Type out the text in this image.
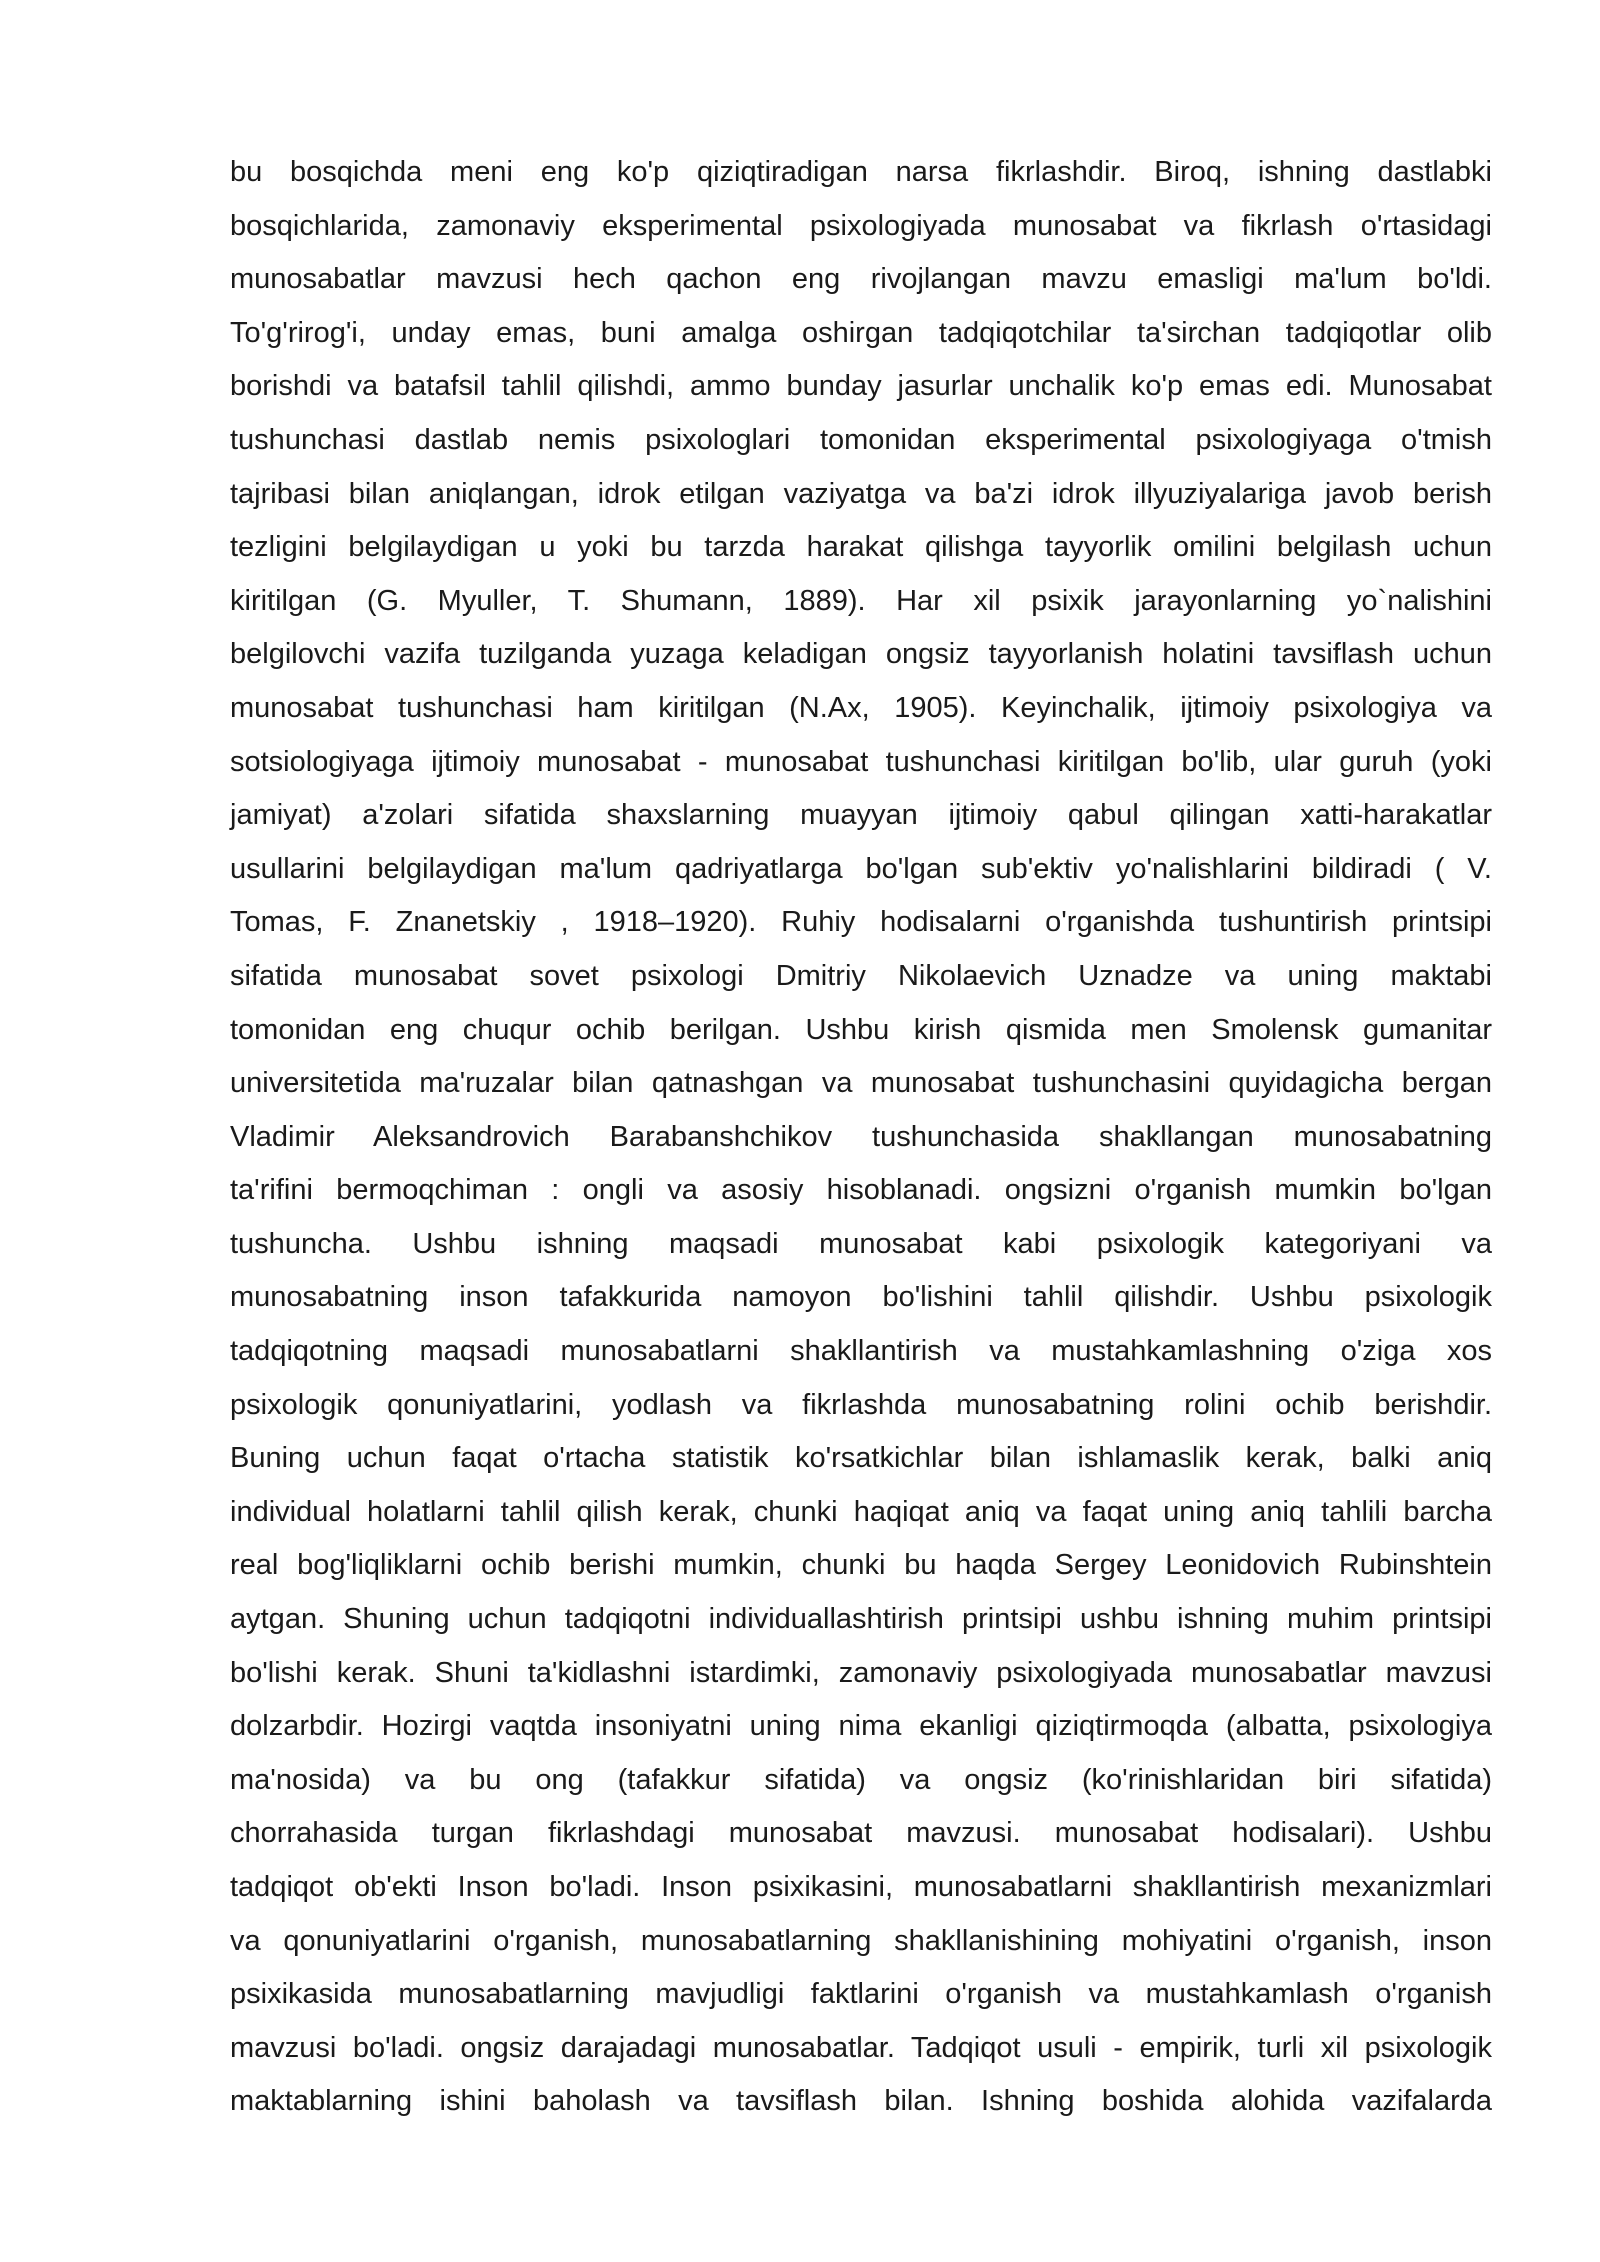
bu bosqichda meni eng ko'p qiziqtiradigan narsa fikrlashdir. Biroq, ishning dastlabki
bosqichlarida, zamonaviy eksperimental psixologiyada munosabat va fikrlash o'rtasidagi
munosabatlar mavzusi hech qachon eng rivojlangan mavzu emasligi ma'lum bo'ldi.
To'g'rirog'i, unday emas, buni amalga oshirgan tadqiqotchilar ta'sirchan tadqiqotlar olib
borishdi va batafsil tahlil qilishdi, ammo bunday jasurlar unchalik ko'p emas edi. Munosabat
tushunchasi dastlab nemis psixologlari tomonidan eksperimental psixologiyaga o'tmish
tajribasi bilan aniqlangan, idrok etilgan vaziyatga va ba'zi idrok illyuziyalariga javob berish
tezligini belgilaydigan u yoki bu tarzda harakat qilishga tayyorlik omilini belgilash uchun
kiritilgan (G. Myuller, T. Shumann, 1889). Har xil psixik jarayonlarning yo`nalishini
belgilovchi vazifa tuzilganda yuzaga keladigan ongsiz tayyorlanish holatini tavsiflash uchun
munosabat tushunchasi ham kiritilgan (N.Ax, 1905). Keyinchalik, ijtimoiy psixologiya va
sotsiologiyaga ijtimoiy munosabat - munosabat tushunchasi kiritilgan bo'lib, ular guruh (yoki
jamiyat) a'zolari sifatida shaxslarning muayyan ijtimoiy qabul qilingan xatti-harakatlar
usullarini belgilaydigan ma'lum qadriyatlarga bo'lgan sub'ektiv yo'nalishlarini bildiradi ( V.
Tomas, F. Znanetskiy , 1918–1920). Ruhiy hodisalarni o'rganishda tushuntirish printsipi
sifatida munosabat sovet psixologi Dmitriy Nikolaevich Uznadze va uning maktabi
tomonidan eng chuqur ochib berilgan. Ushbu kirish qismida men Smolensk gumanitar
universitetida ma'ruzalar bilan qatnashgan va munosabat tushunchasini quyidagicha bergan
Vladimir Aleksandrovich Barabanshchikov tushunchasida shakllangan munosabatning
ta'rifini bermoqchiman : ongli va asosiy hisoblanadi. ongsizni o'rganish mumkin bo'lgan
tushuncha. Ushbu ishning maqsadi munosabat kabi psixologik kategoriyani va
munosabatning inson tafakkurida namoyon bo'lishini tahlil qilishdir. Ushbu psixologik
tadqiqotning maqsadi munosabatlarni shakllantirish va mustahkamlashning o'ziga xos
psixologik qonuniyatlarini, yodlash va fikrlashda munosabatning rolini ochib berishdir.
Buning uchun faqat o'rtacha statistik ko'rsatkichlar bilan ishlamaslik kerak, balki aniq
individual holatlarni tahlil qilish kerak, chunki haqiqat aniq va faqat uning aniq tahlili barcha
real bog'liqliklarni ochib berishi mumkin, chunki bu haqda Sergey Leonidovich Rubinshtein
aytgan. Shuning uchun tadqiqotni individuallashtirish printsipi ushbu ishning muhim printsipi
bo'lishi kerak. Shuni ta'kidlashni istardimki, zamonaviy psixologiyada munosabatlar mavzusi
dolzarbdir. Hozirgi vaqtda insoniyatni uning nima ekanligi qiziqtirmoqda (albatta, psixologiya
ma'nosida) va bu ong (tafakkur sifatida) va ongsiz (ko'rinishlaridan biri sifatida)
chorrahasida turgan fikrlashdagi munosabat mavzusi. munosabat hodisalari). Ushbu
tadqiqot ob'ekti Inson bo'ladi. Inson psixikasini, munosabatlarni shakllantirish mexanizmlari
va qonuniyatlarini o'rganish, munosabatlarning shakllanishining mohiyatini o'rganish, inson
psixikasida munosabatlarning mavjudligi faktlarini o'rganish va mustahkamlash o'rganish
mavzusi bo'ladi. ongsiz darajadagi munosabatlar. Tadqiqot usuli - empirik, turli xil psixologik
maktablarning ishini baholash va tavsiflash bilan. Ishning boshida alohida vazifalarda
